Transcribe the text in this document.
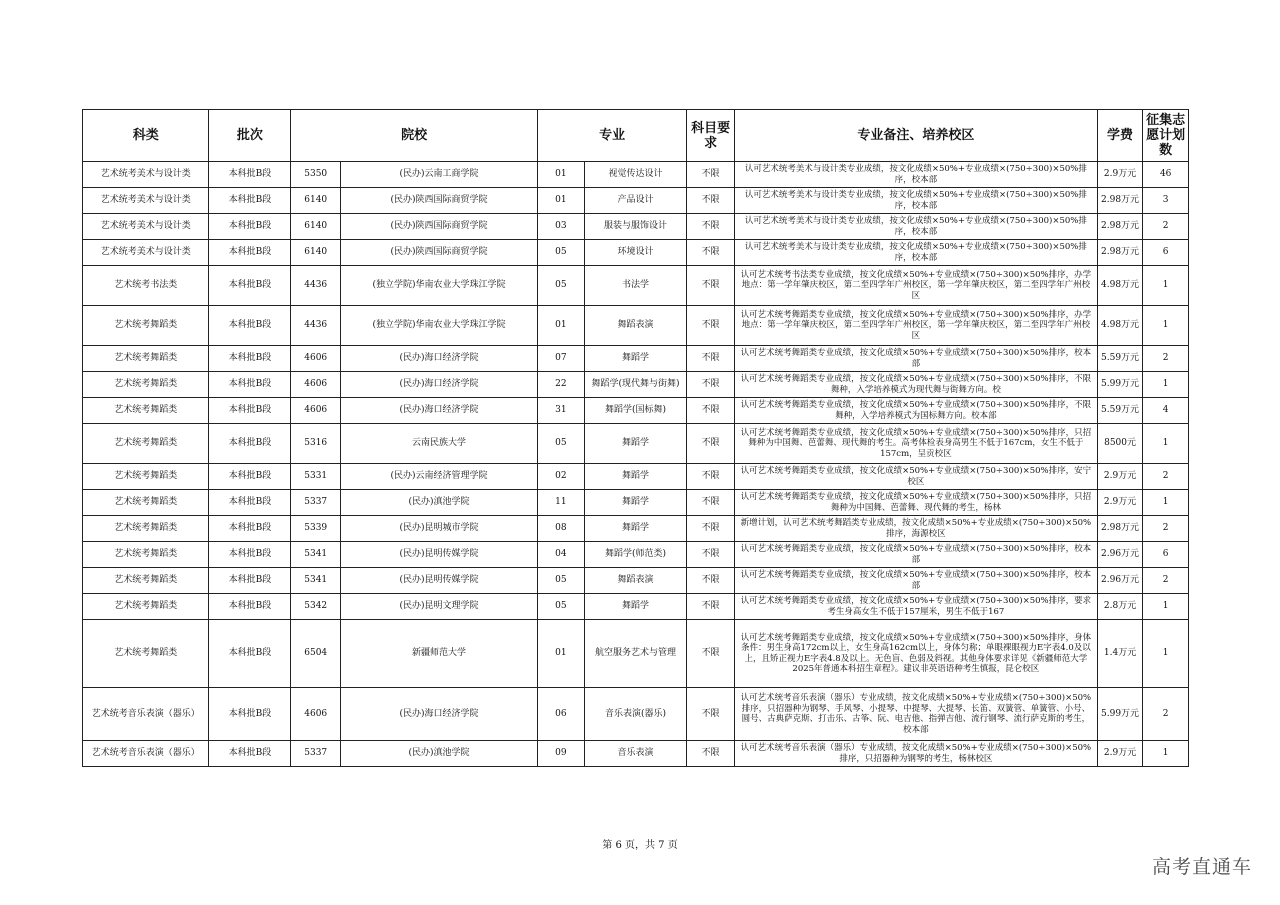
科类	批次	院校		专业		科目要求	专业备注、培养校区	学费	征集志愿计划数
艺术统考美术与设计类	本科批B段	5350	(民办)云南工商学院	01	视觉传达设计	不限	认可艺术统考美术与设计类专业成绩，按文化成绩×50%+专业成绩×(750÷300)×50%排序，校本部	2.9万元	46
艺术统考美术与设计类	本科批B段	6140	(民办)陕西国际商贸学院	01	产品设计	不限	认可艺术统考美术与设计类专业成绩，按文化成绩×50%+专业成绩×(750÷300)×50%排序，校本部	2.98万元	3
艺术统考美术与设计类	本科批B段	6140	(民办)陕西国际商贸学院	03	服装与服饰设计	不限	认可艺术统考美术与设计类专业成绩，按文化成绩×50%+专业成绩×(750÷300)×50%排序，校本部	2.98万元	2
艺术统考美术与设计类	本科批B段	6140	(民办)陕西国际商贸学院	05	环境设计	不限	认可艺术统考美术与设计类专业成绩，按文化成绩×50%+专业成绩×(750÷300)×50%排序，校本部	2.98万元	6
艺术统考书法类	本科批B段	4436	(独立学院)华南农业大学珠江学院	05	书法学	不限	认可艺术统考书法类专业成绩，按文化成绩×50%+专业成绩×(750÷300)×50%排序，办学地点：第一学年肇庆校区，第二至四学年广州校区，第一学年肇庆校区，第二至四学年广州校区	4.98万元	1
艺术统考舞蹈类	本科批B段	4436	(独立学院)华南农业大学珠江学院	01	舞蹈表演	不限	认可艺术统考舞蹈类专业成绩，按文化成绩×50%+专业成绩×(750÷300)×50%排序，办学地点：第一学年肇庆校区，第二至四学年广州校区，第一学年肇庆校区，第二至四学年广州校区	4.98万元	1
艺术统考舞蹈类	本科批B段	4606	(民办)海口经济学院	07	舞蹈学	不限	认可艺术统考舞蹈类专业成绩，按文化成绩×50%+专业成绩×(750÷300)×50%排序，校本部	5.59万元	2
艺术统考舞蹈类	本科批B段	4606	(民办)海口经济学院	22	舞蹈学(现代舞与街舞)	不限	认可艺术统考舞蹈类专业成绩，按文化成绩×50%+专业成绩×(750÷300)×50%排序，不限舞种，入学培养模式为现代舞与街舞方向。校	5.99万元	1
艺术统考舞蹈类	本科批B段	4606	(民办)海口经济学院	31	舞蹈学(国标舞)	不限	认可艺术统考舞蹈类专业成绩，按文化成绩×50%+专业成绩×(750÷300)×50%排序，不限舞种，入学培养模式为国标舞方向。校本部	5.59万元	4
艺术统考舞蹈类	本科批B段	5316	云南民族大学	05	舞蹈学	不限	认可艺术统考舞蹈类专业成绩，按文化成绩×50%+专业成绩×(750÷300)×50%排序，只招舞种为中国舞、芭蕾舞、现代舞的考生。高考体检表身高男生不低于167cm，女生不低于157cm，呈贡校区	8500元	1
艺术统考舞蹈类	本科批B段	5331	(民办)云南经济管理学院	02	舞蹈学	不限	认可艺术统考舞蹈类专业成绩，按文化成绩×50%+专业成绩×(750÷300)×50%排序，安宁校区	2.9万元	2
艺术统考舞蹈类	本科批B段	5337	(民办)滇池学院	11	舞蹈学	不限	认可艺术统考舞蹈类专业成绩，按文化成绩×50%+专业成绩×(750÷300)×50%排序，只招舞种为中国舞、芭蕾舞、现代舞的考生，杨林	2.9万元	1
艺术统考舞蹈类	本科批B段	5339	(民办)昆明城市学院	08	舞蹈学	不限	新增计划，认可艺术统考舞蹈类专业成绩，按文化成绩×50%+专业成绩×(750÷300)×50%排序，海源校区	2.98万元	2
艺术统考舞蹈类	本科批B段	5341	(民办)昆明传媒学院	04	舞蹈学(师范类)	不限	认可艺术统考舞蹈类专业成绩，按文化成绩×50%+专业成绩×(750÷300)×50%排序，校本部	2.96万元	6
艺术统考舞蹈类	本科批B段	5341	(民办)昆明传媒学院	05	舞蹈表演	不限	认可艺术统考舞蹈类专业成绩，按文化成绩×50%+专业成绩×(750÷300)×50%排序，校本部	2.96万元	2
艺术统考舞蹈类	本科批B段	5342	(民办)昆明文理学院	05	舞蹈学	不限	认可艺术统考舞蹈类专业成绩，按文化成绩×50%+专业成绩×(750÷300)×50%排序，要求考生身高女生不低于157厘米，男生不低于167	2.8万元	1
艺术统考舞蹈类	本科批B段	6504	新疆师范大学	01	航空服务艺术与管理	不限	认可艺术统考舞蹈类专业成绩，按文化成绩×50%+专业成绩×(750÷300)×50%排序，身体条件：男生身高172cm以上，女生身高162cm以上，身体匀称；单眼裸眼视力E字表4.0及以上，且矫正视力E字表4.8及以上。无色盲、色弱及斜视。其他身体要求详见《新疆师范大学2025年普通本科招生章程》。建议非英语语种考生慎报，昆仑校区	1.4万元	1
艺术统考音乐表演（器乐）	本科批B段	4606	(民办)海口经济学院	06	音乐表演(器乐)	不限	认可艺术统考音乐表演（器乐）专业成绩，按文化成绩×50%+专业成绩×(750÷300)×50%排序，只招器种为钢琴、手风琴、小提琴、中提琴、大提琴、长笛、双簧管、单簧管、小号、圆号、古典萨克斯、打击乐、古筝、阮、电吉他、指弹吉他、流行钢琴、流行萨克斯的考生，校本部	5.99万元	2
艺术统考音乐表演（器乐）	本科批B段	5337	(民办)滇池学院	09	音乐表演	不限	认可艺术统考音乐表演（器乐）专业成绩，按文化成绩×50%+专业成绩×(750÷300)×50%排序，只招器种为钢琴的考生，杨林校区	2.9万元	1
第 6 页，共 7 页
高考直通车
